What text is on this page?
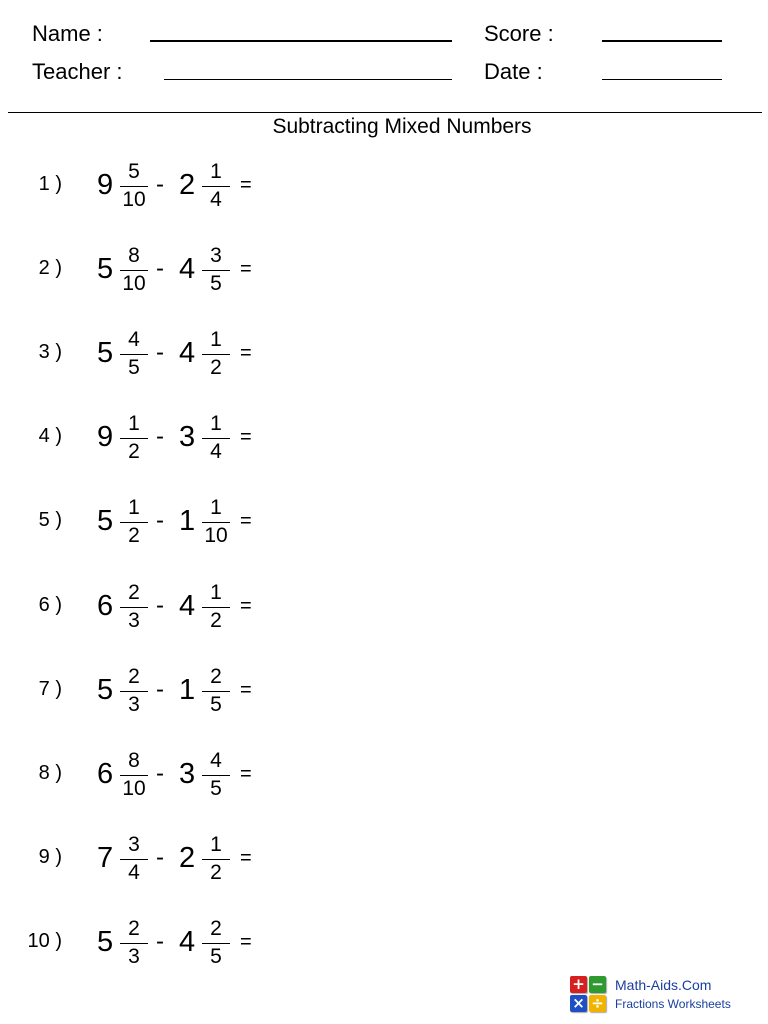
Name :
Teacher :
Score :
Date :
Subtracting Mixed Numbers
1 ) 9 5
10
- 2 1
4
=
2 ) 5 8
10
- 4 3
5
=
3 ) 5 4
5
- 4 1
2
=
4 ) 9 1
2
- 3 1
4
=
5 ) 5 1
2
- 1 1
10
=
6 ) 6 2
3
- 4 1
2
=
7 ) 5 2
3
- 1 2
5
=
8 ) 6 8
10
- 3 4
5
=
9 ) 7 3
4
- 2 1
2
=
10 ) 5 2
3
- 4 2
5
=
+ −
× ÷
Math-Aids.Com
Fractions Worksheets
